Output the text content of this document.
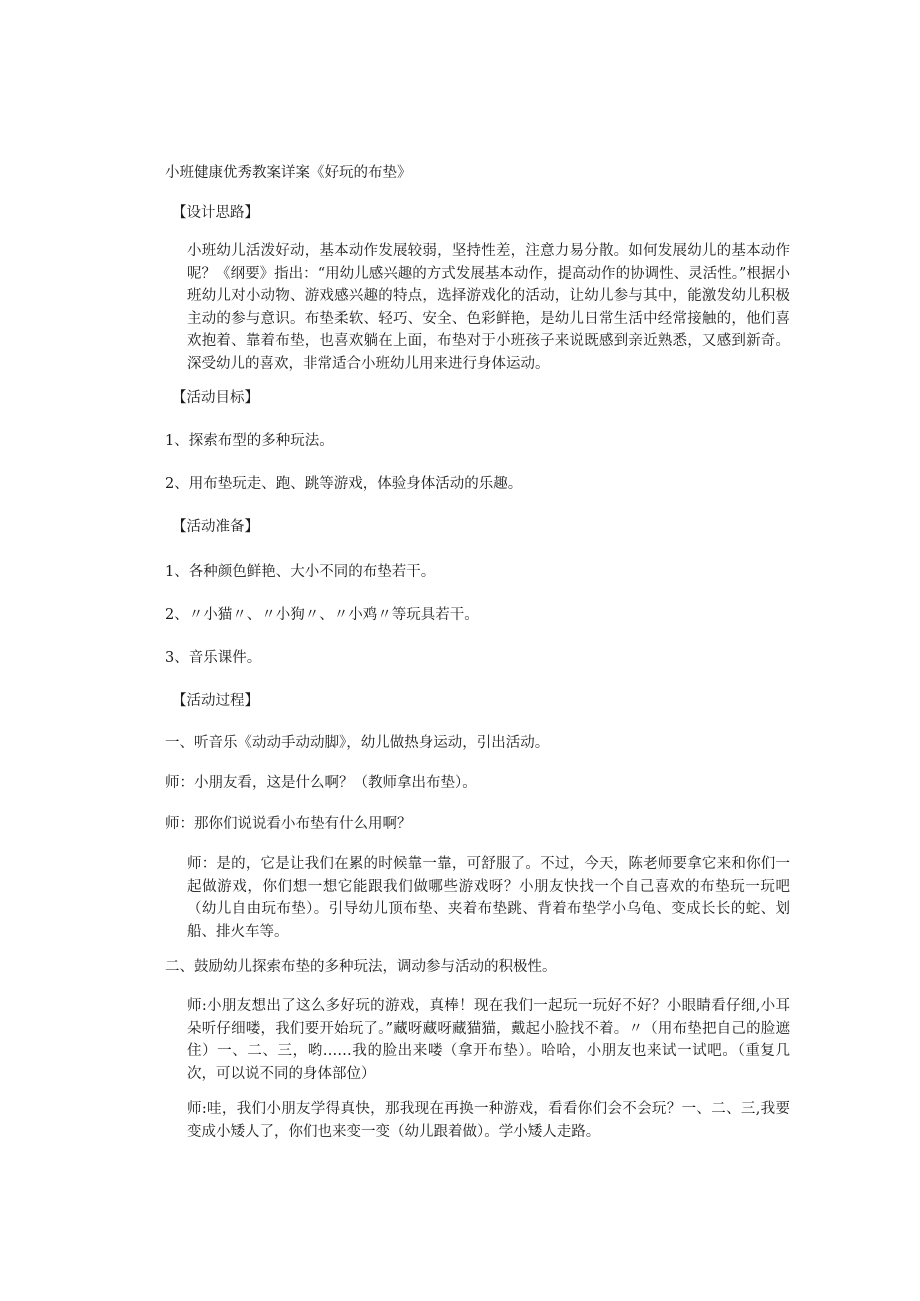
小班健康优秀教案详案《好玩的布垫》
【设计思路】
小班幼儿活泼好动，基本动作发展较弱，坚持性差，注意力易分散。如何发展幼儿的基本动作呢？《纲要》指出：“用幼儿感兴趣的方式发展基本动作，提高动作的协调性、灵活性。”根据小班幼儿对小动物、游戏感兴趣的特点，选择游戏化的活动，让幼儿参与其中，能激发幼儿积极主动的参与意识。布垫柔软、轻巧、安全、色彩鲜艳，是幼儿日常生活中经常接触的，他们喜欢抱着、靠着布垫，也喜欢躺在上面，布垫对于小班孩子来说既感到亲近熟悉，又感到新奇。深受幼儿的喜欢，非常适合小班幼儿用来进行身体运动。
【活动目标】
1、探索布型的多种玩法。
2、用布垫玩走、跑、跳等游戏，体验身体活动的乐趣。
【活动准备】
1、各种颜色鲜艳、大小不同的布垫若干。
2、〃小猫〃、〃小狗〃、〃小鸡〃等玩具若干。
3、音乐课件。
【活动过程】
一、听音乐《动动手动动脚》，幼儿做热身运动，引出活动。
师：小朋友看，这是什么啊？（教师拿出布垫）。
师：那你们说说看小布垫有什么用啊？
师：是的，它是让我们在累的时候靠一靠，可舒服了。不过，今天，陈老师要拿它来和你们一起做游戏，你们想一想它能跟我们做哪些游戏呀？小朋友快找一个自己喜欢的布垫玩一玩吧（幼儿自由玩布垫）。引导幼儿顶布垫、夹着布垫跳、背着布垫学小乌龟、变成长长的蛇、划船、排火车等。
二、鼓励幼儿探索布垫的多种玩法，调动参与活动的积极性。
师:小朋友想出了这么多好玩的游戏，真棒！现在我们一起玩一玩好不好？小眼睛看仔细,小耳朵听仔细喽，我们要开始玩了。”藏呀藏呀藏猫猫，戴起小脸找不着。〃（用布垫把自己的脸遮住）一、二、三，哟……我的脸出来喽（拿开布垫）。哈哈，小朋友也来试一试吧。（重复几次，可以说不同的身体部位）
师:哇，我们小朋友学得真快，那我现在再换一种游戏，看看你们会不会玩？一、二、三,我要变成小矮人了，你们也来变一变（幼儿跟着做）。学小矮人走路。
